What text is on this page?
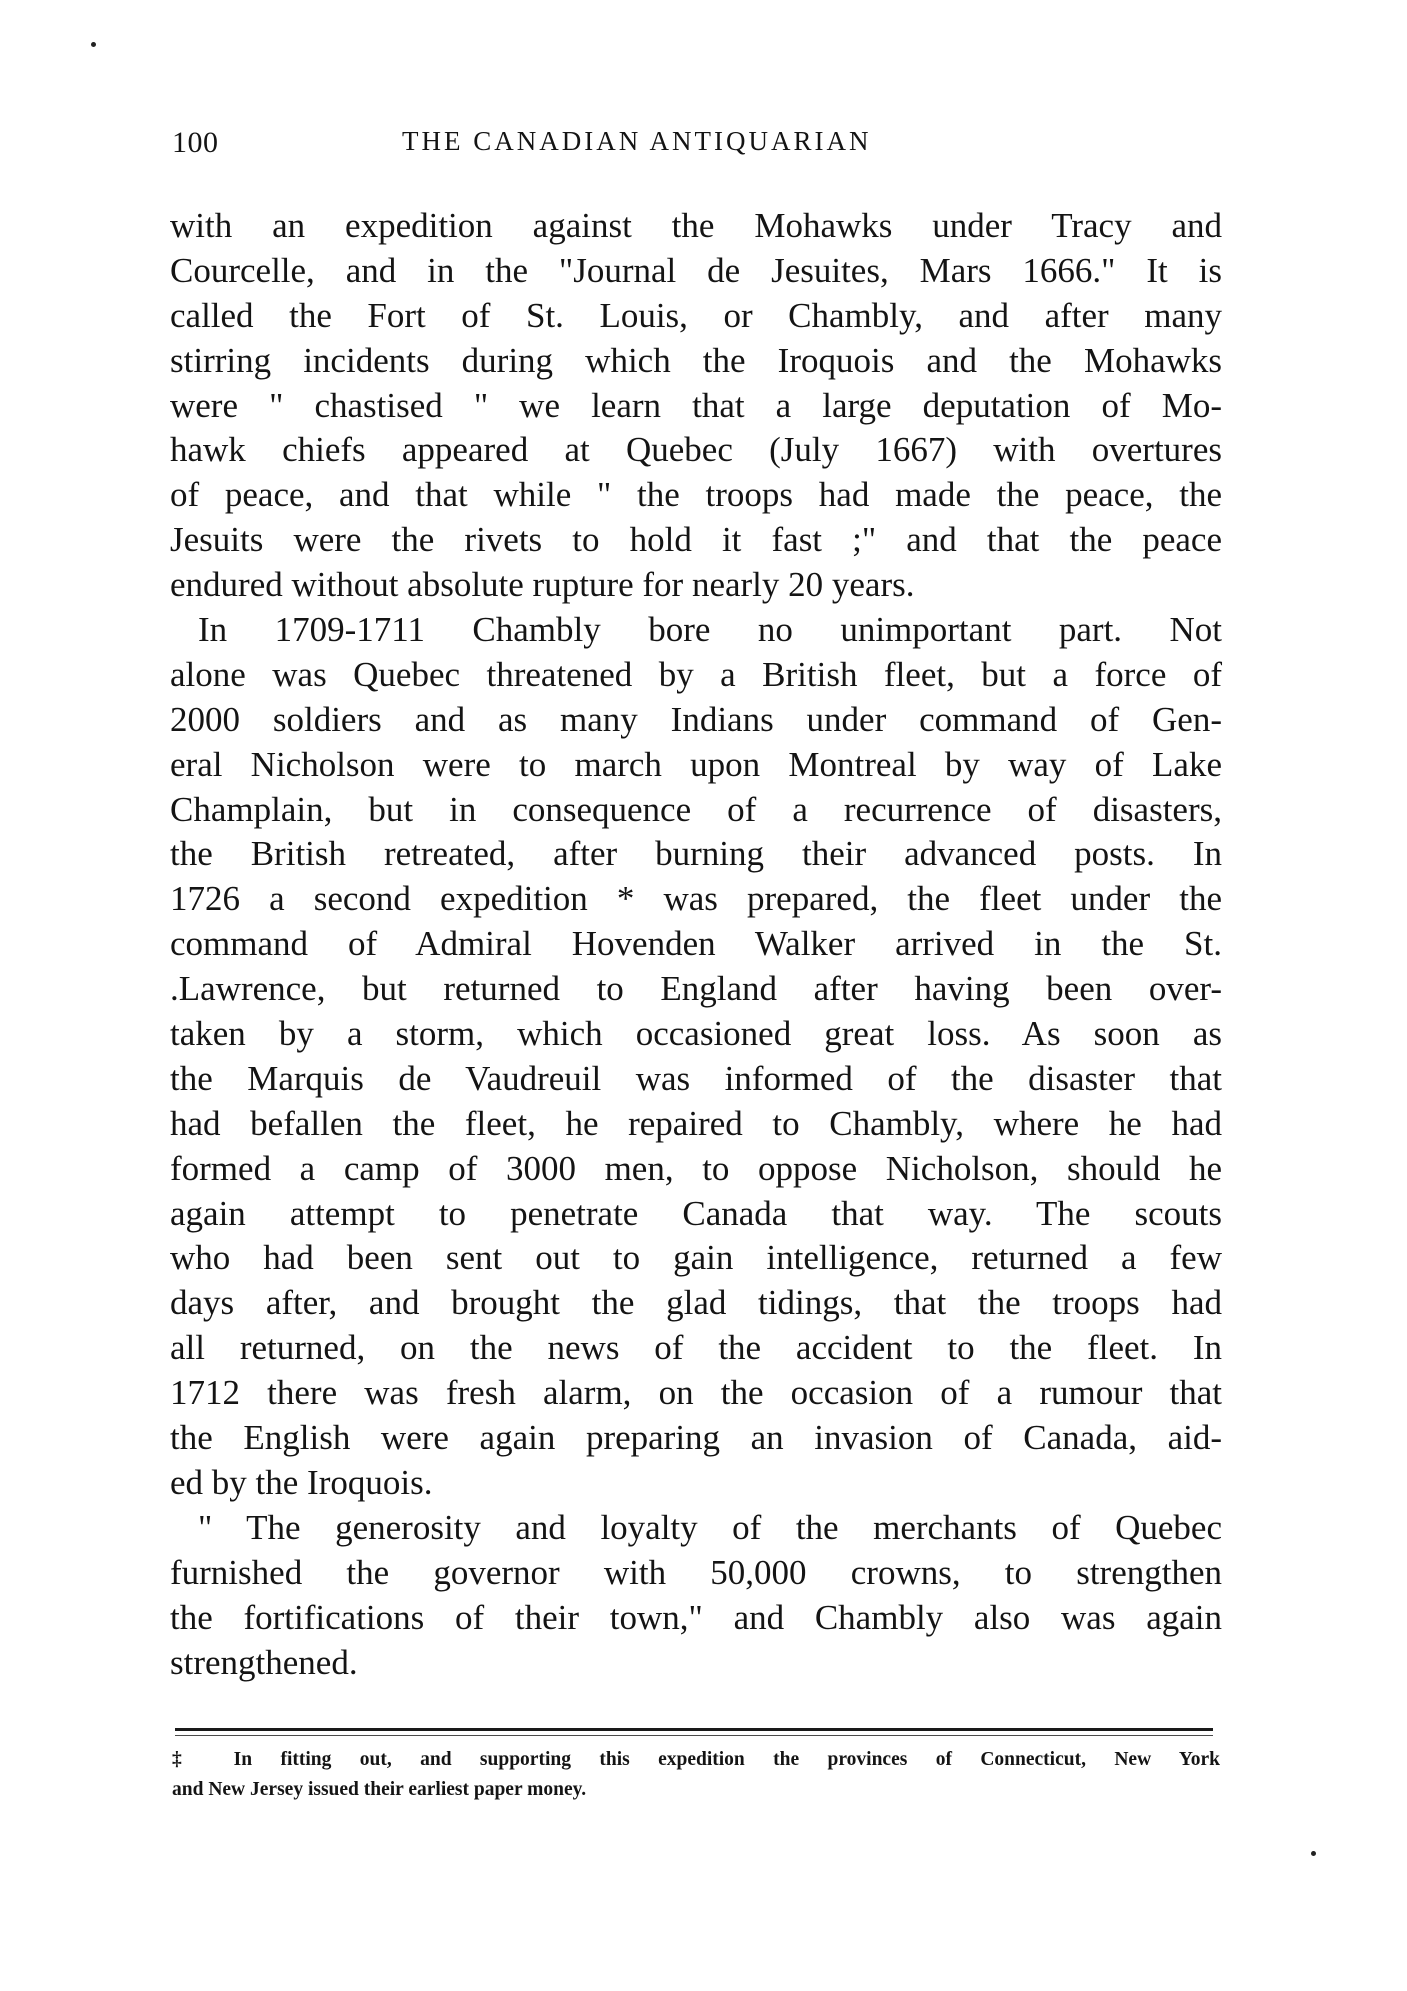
100	THE CANADIAN ANTIQUARIAN
with an expedition against the Mohawks under Tracy and
Courcelle, and in the "Journal de Jesuites, Mars 1666." It is
called the Fort of St. Louis, or Chambly, and after many
stirring incidents during which the Iroquois and the Mohawks
were " chastised " we learn that a large deputation of Mo-
hawk chiefs appeared at Quebec (July 1667) with overtures
of peace, and that while " the troops had made the peace, the
Jesuits were the rivets to hold it fast ;" and that the peace
endured without absolute rupture for nearly 20 years.
In 1709-1711 Chambly bore no unimportant part. Not
alone was Quebec threatened by a British fleet, but a force of
2000 soldiers and as many Indians under command of Gen-
eral Nicholson were to march upon Montreal by way of Lake
Champlain, but in consequence of a recurrence of disasters,
the British retreated, after burning their advanced posts. In
1726 a second expedition * was prepared, the fleet under the
command of Admiral Hovenden Walker arrived in the St.
.Lawrence, but returned to England after having been over-
taken by a storm, which occasioned great loss. As soon as
the Marquis de Vaudreuil was informed of the disaster that
had befallen the fleet, he repaired to Chambly, where he had
formed a camp of 3000 men, to oppose Nicholson, should he
again attempt to penetrate Canada that way. The scouts
who had been sent out to gain intelligence, returned a few
days after, and brought the glad tidings, that the troops had
all returned, on the news of the accident to the fleet. In
1712 there was fresh alarm, on the occasion of a rumour that
the English were again preparing an invasion of Canada, aid-
ed by the Iroquois.
" The generosity and loyalty of the merchants of Quebec
furnished the governor with 50,000 crowns, to strengthen
the fortifications of their town," and Chambly also was again
strengthened.
‡ In fitting out, and supporting this expedition the provinces of Connecticut, New York
and New Jersey issued their earliest paper money.
